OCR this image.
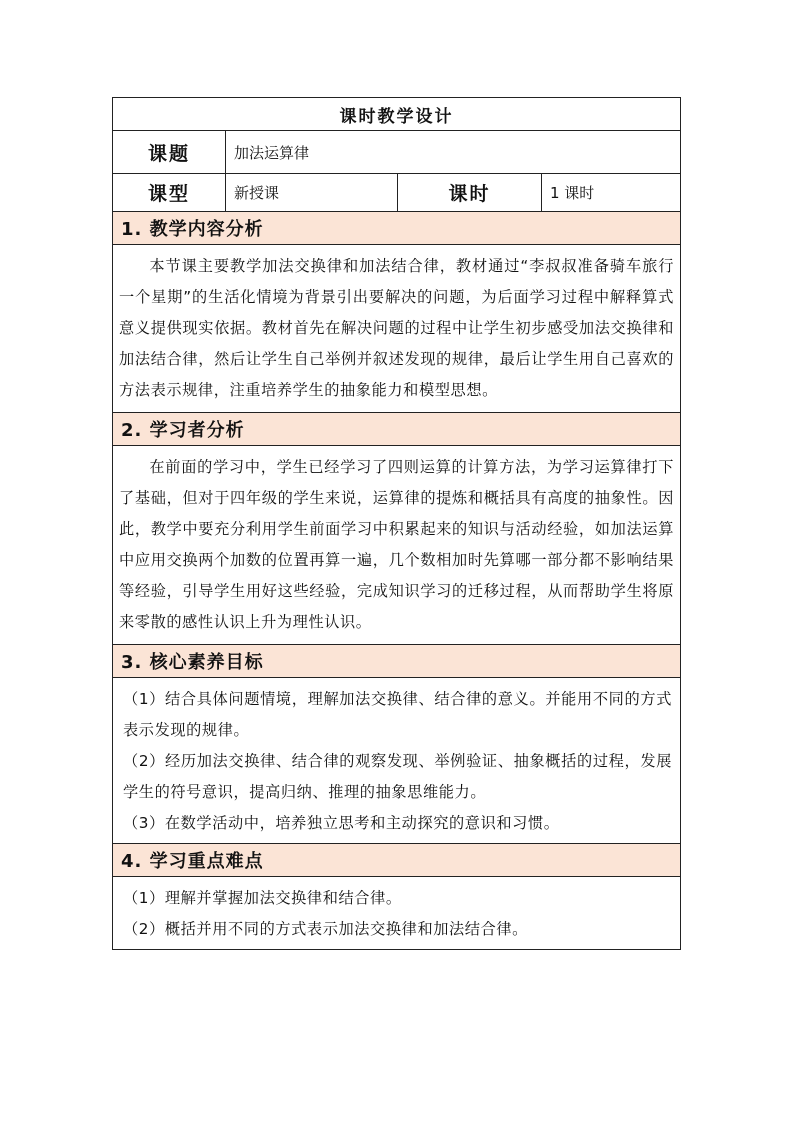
课时教学设计
课题	加法运算律
课型	新授课	课时	1 课时
1. 教学内容分析

本节课主要教学加法交换律和加法结合律，教材通过“李叔叔准备骑车旅行一个星期”的生活化情境为背景引出要解决的问题，为后面学习过程中解释算式意义提供现实依据。教材首先在解决问题的过程中让学生初步感受加法交换律和加法结合律，然后让学生自己举例并叙述发现的规律，最后让学生用自己喜欢的方法表示规律，注重培养学生的抽象能力和模型思想。

2. 学习者分析

在前面的学习中，学生已经学习了四则运算的计算方法，为学习运算律打下了基础，但对于四年级的学生来说，运算律的提炼和概括具有高度的抽象性。因此，教学中要充分利用学生前面学习中积累起来的知识与活动经验，如加法运算中应用交换两个加数的位置再算一遍，几个数相加时先算哪一部分都不影响结果等经验，引导学生用好这些经验，完成知识学习的迁移过程，从而帮助学生将原来零散的感性认识上升为理性认识。

3. 核心素养目标

（1）结合具体问题情境，理解加法交换律、结合律的意义。并能用不同的方式表示发现的规律。

（2）经历加法交换律、结合律的观察发现、举例验证、抽象概括的过程，发展学生的符号意识，提高归纳、推理的抽象思维能力。

（3）在数学活动中，培养独立思考和主动探究的意识和习惯。

4. 学习重点难点

（1）理解并掌握加法交换律和结合律。

（2）概括并用不同的方式表示加法交换律和加法结合律。
